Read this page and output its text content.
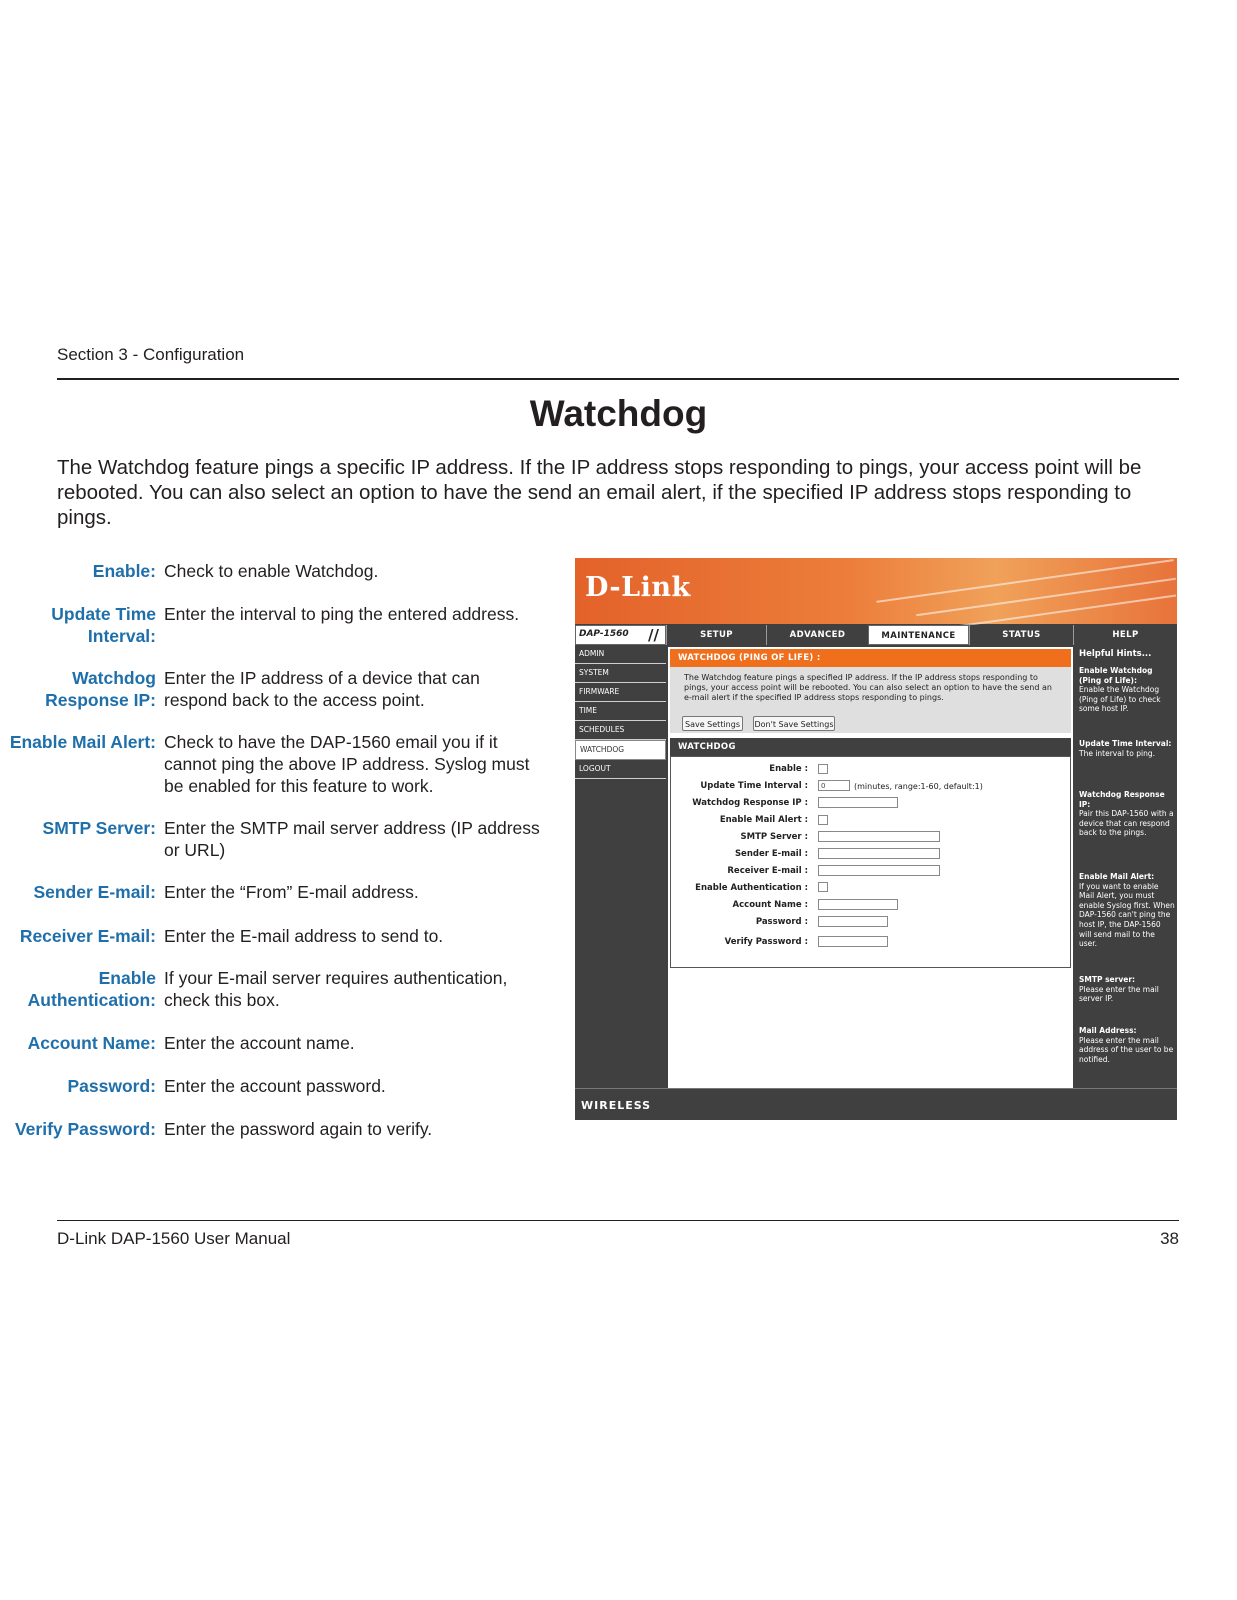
Section 3 - Configuration
Watchdog
The Watchdog feature pings a specific IP address. If the IP address stops responding to pings, your access point will be rebooted. You can also select an option to have the send an email alert, if the specified IP address stops responding to pings.
Enable: Check to enable Watchdog.
Update Time Interval:
Enter the interval to ping the entered address.
Watchdog Response IP:
Enter the IP address of a device that can respond back to the access point.
Enable Mail Alert: Check to have the DAP-1560 email you if it cannot ping the above IP address. Syslog must be enabled for this feature to work.
SMTP Server: Enter the SMTP mail server address (IP address or URL)
Sender E-mail: Enter the “From” E-mail address.
Receiver E-mail: Enter the E-mail address to send to.
Enable Authentication:
If your E-mail server requires authentication, check this box.
Account Name: Enter the account name.
Password: Enter the account password.
Verify Password: Enter the password again to verify.
D-Link
DAP-1560 //	SETUP	ADVANCED	MAINTENANCE	STATUS	HELP
ADMIN
SYSTEM
FIRMWARE
TIME
SCHEDULES
WATCHDOG
LOGOUT
WATCHDOG (PING OF LIFE) :
The Watchdog feature pings a specified IP address. If the IP address stops responding to pings, your access point will be rebooted. You can also select an option to have the send an e-mail alert if the specified IP address stops responding to pings.
Save Settings	Don't Save Settings
WATCHDOG
Enable :
Update Time Interval :	0	(minutes, range:1-60, default:1)
Watchdog Response IP :
Enable Mail Alert :
SMTP Server :
Sender E-mail :
Receiver E-mail :
Enable Authentication :
Account Name :
Password :
Verify Password :
Helpful Hints...
Enable Watchdog (Ping of Life):
Enable the Watchdog (Ping of Life) to check some host IP.
Update Time Interval:
The interval to ping.
Watchdog Response IP:
Pair this DAP-1560 with a device that can respond back to the pings.
Enable Mail Alert:
If you want to enable Mail Alert, you must enable Syslog first. When DAP-1560 can't ping the host IP, the DAP-1560 will send mail to the user.
SMTP server:
Please enter the mail server IP.
Mail Address:
Please enter the mail address of the user to be notified.
WIRELESS
D-Link DAP-1560 User Manual	38
